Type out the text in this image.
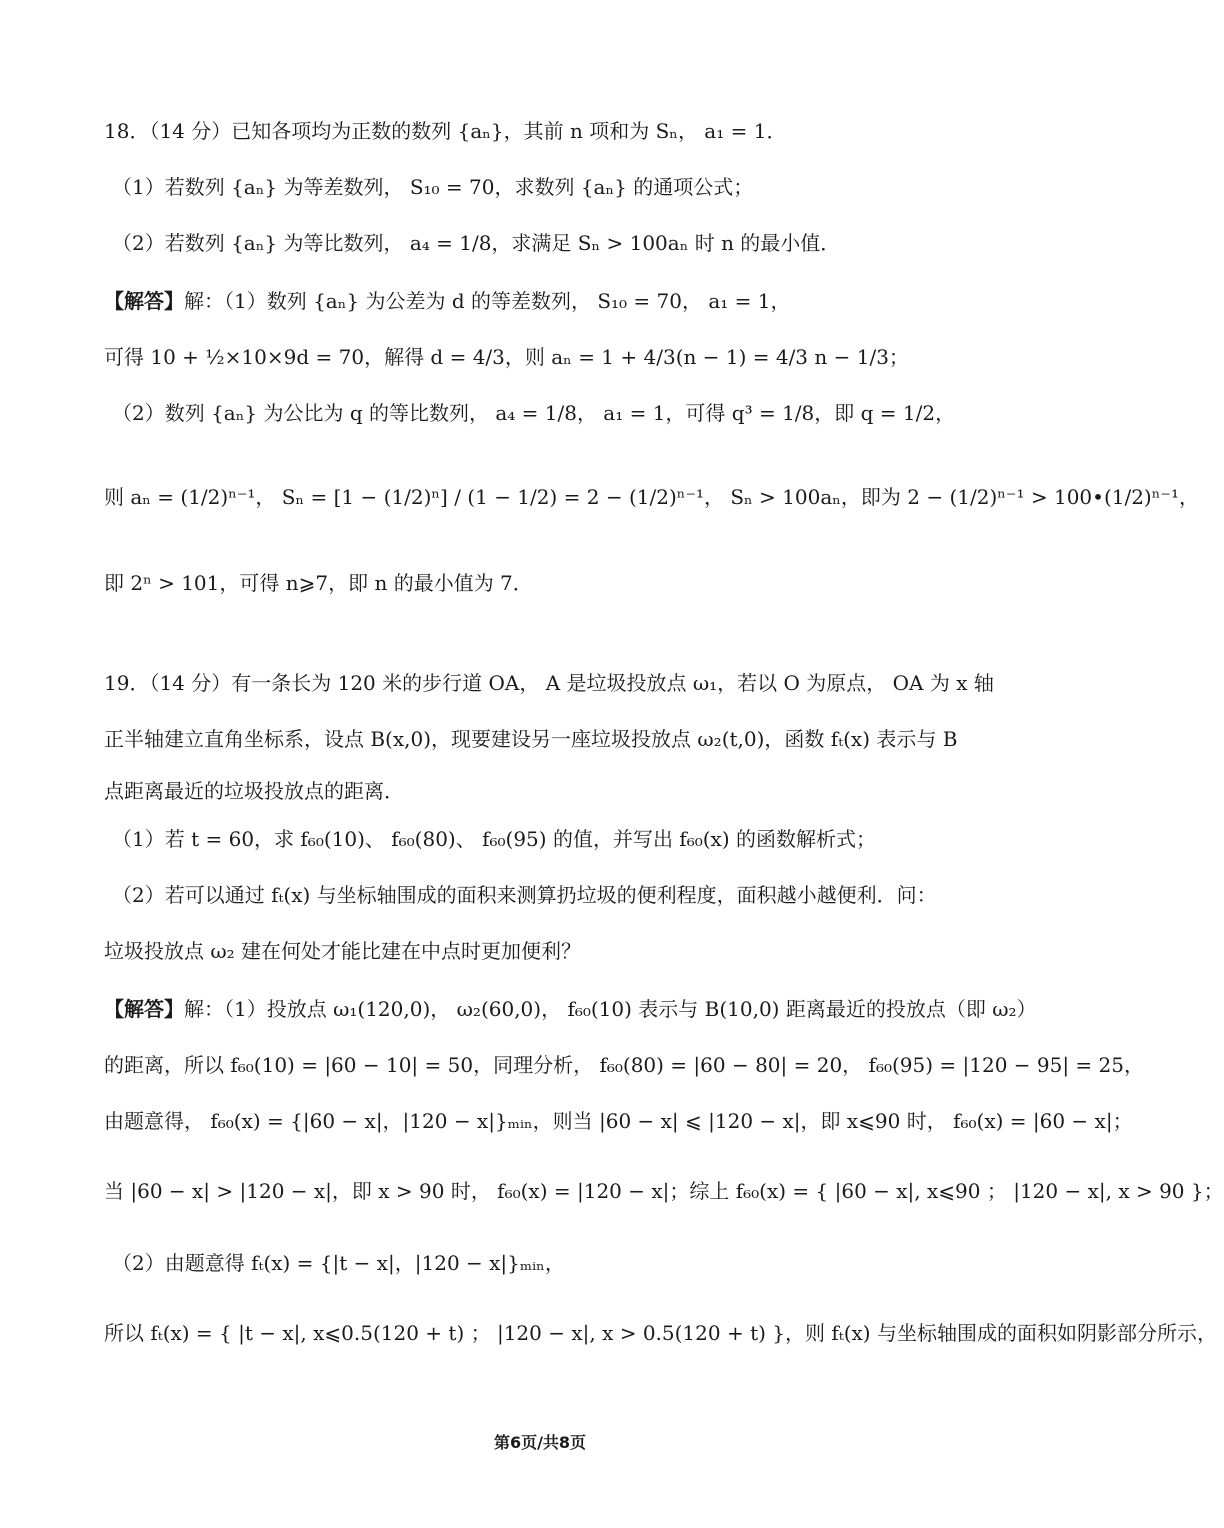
18．（14 分）已知各项均为正数的数列 {aₙ}，其前 n 项和为 Sₙ， a₁ = 1．
（1）若数列 {aₙ} 为等差数列， S₁₀ = 70，求数列 {aₙ} 的通项公式；
（2）若数列 {aₙ} 为等比数列， a₄ = 1/8，求满足 Sₙ > 100aₙ 时 n 的最小值．
【解答】解：（1）数列 {aₙ} 为公差为 d 的等差数列， S₁₀ = 70， a₁ = 1，
可得 10 + ½×10×9d = 70，解得 d = 4/3，则 aₙ = 1 + 4/3(n − 1) = 4/3 n − 1/3；
（2）数列 {aₙ} 为公比为 q 的等比数列， a₄ = 1/8， a₁ = 1，可得 q³ = 1/8，即 q = 1/2，
则 aₙ = (1/2)ⁿ⁻¹， Sₙ = [1 − (1/2)ⁿ] / (1 − 1/2) = 2 − (1/2)ⁿ⁻¹， Sₙ > 100aₙ，即为 2 − (1/2)ⁿ⁻¹ > 100•(1/2)ⁿ⁻¹，
即 2ⁿ > 101，可得 n⩾7，即 n 的最小值为 7．
19．（14 分）有一条长为 120 米的步行道 OA， A 是垃圾投放点 ω₁，若以 O 为原点， OA 为 x 轴
正半轴建立直角坐标系，设点 B(x,0)，现要建设另一座垃圾投放点 ω₂(t,0)，函数 fₜ(x) 表示与 B
点距离最近的垃圾投放点的距离．
（1）若 t = 60，求 f₆₀(10)、 f₆₀(80)、 f₆₀(95) 的值，并写出 f₆₀(x) 的函数解析式；
（2）若可以通过 fₜ(x) 与坐标轴围成的面积来测算扔垃圾的便利程度，面积越小越便利．问：
垃圾投放点 ω₂ 建在何处才能比建在中点时更加便利？
【解答】解：（1）投放点 ω₁(120,0)， ω₂(60,0)， f₆₀(10) 表示与 B(10,0) 距离最近的投放点（即 ω₂）
的距离，所以 f₆₀(10) = |60 − 10| = 50，同理分析， f₆₀(80) = |60 − 80| = 20， f₆₀(95) = |120 − 95| = 25，
由题意得， f₆₀(x) = {|60 − x|，|120 − x|}ₘᵢₙ，则当 |60 − x| ⩽ |120 − x|，即 x⩽90 时， f₆₀(x) = |60 − x|；
当 |60 − x| > |120 − x|，即 x > 90 时， f₆₀(x) = |120 − x|；综上 f₆₀(x) = { |60 − x|, x⩽90 ； |120 − x|, x > 90 }；
（2）由题意得 fₜ(x) = {|t − x|，|120 − x|}ₘᵢₙ，
所以 fₜ(x) = { |t − x|, x⩽0.5(120 + t) ； |120 − x|, x > 0.5(120 + t) }，则 fₜ(x) 与坐标轴围成的面积如阴影部分所示，
第6页/共8页
